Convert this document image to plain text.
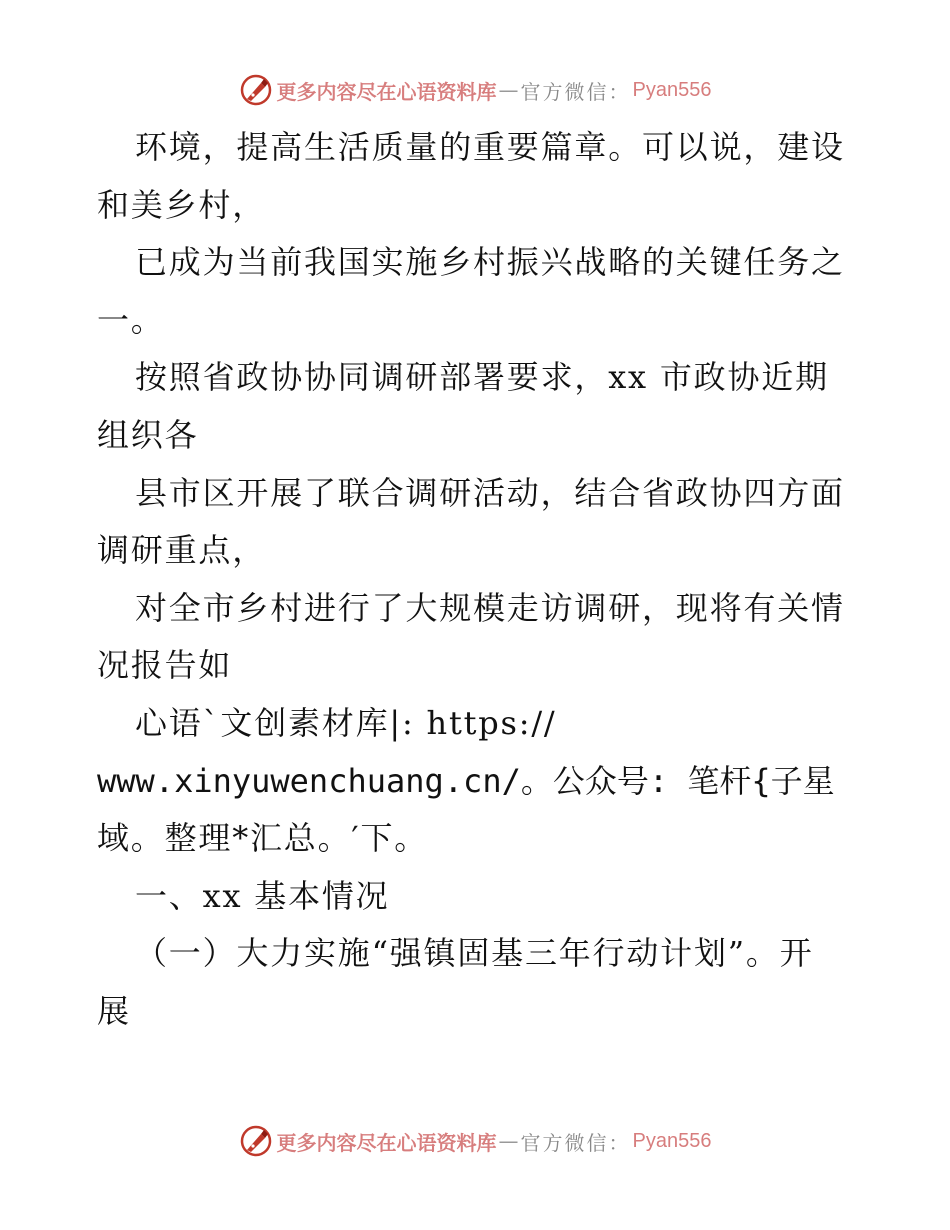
更多内容尽在心语资料库 — 官方微信： Pyan556
环境，提高生活质量的重要篇章。可以说，建设
和美乡村，
已成为当前我国实施乡村振兴战略的关键任务之
一。
按照省政协协同调研部署要求，xx 市政协近期
组织各
县市区开展了联合调研活动，结合省政协四方面
调研重点，
对全市乡村进行了大规模走访调研，现将有关情
况报告如
心语`文创素材库|: https://
www.xinyuwenchuang.cn/。公众号: 笔杆{子星
域。整理*汇总。′下。
一、xx 基本情况
（一）大力实施“强镇固基三年行动计划”。开
展
更多内容尽在心语资料库 — 官方微信： Pyan556
